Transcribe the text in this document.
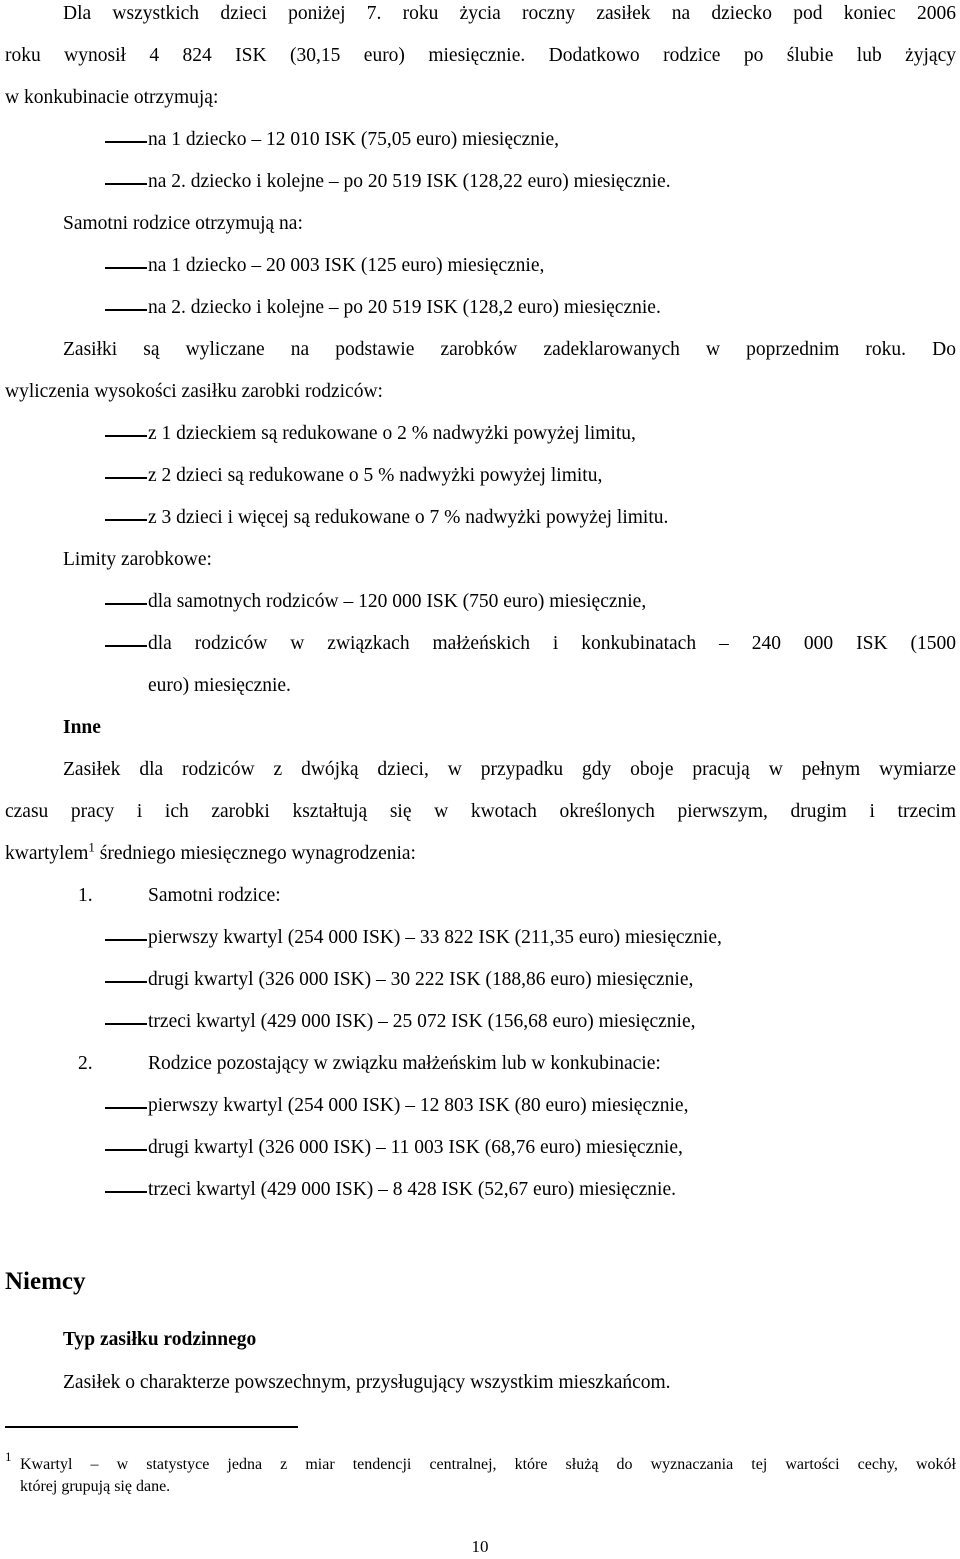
Dla wszystkich dzieci poniżej 7. roku życia roczny zasiłek na dziecko pod koniec 2006
roku wynosił 4 824 ISK (30,15 euro) miesięcznie. Dodatkowo rodzice po ślubie lub żyjący
w konkubinacie otrzymują:
na 1 dziecko – 12 010 ISK (75,05 euro) miesięcznie,
na 2. dziecko i kolejne – po 20 519 ISK (128,22 euro) miesięcznie.
Samotni rodzice otrzymują na:
na 1 dziecko – 20 003 ISK (125 euro) miesięcznie,
na 2. dziecko i kolejne – po 20 519 ISK (128,2 euro) miesięcznie.
Zasiłki są wyliczane na podstawie zarobków zadeklarowanych w poprzednim roku. Do
wyliczenia wysokości zasiłku zarobki rodziców:
z 1 dzieckiem są redukowane o 2 % nadwyżki powyżej limitu,
z 2 dzieci są redukowane o 5 % nadwyżki powyżej limitu,
z 3 dzieci i więcej są redukowane o 7 % nadwyżki powyżej limitu.
Limity zarobkowe:
dla samotnych rodziców – 120 000 ISK (750 euro) miesięcznie,
dla rodziców w związkach małżeńskich i konkubinatach – 240 000 ISK (1500
euro) miesięcznie.
Inne
Zasiłek dla rodziców z dwójką dzieci, w przypadku gdy oboje pracują w pełnym wymiarze
czasu pracy i ich zarobki kształtują się w kwotach określonych pierwszym, drugim i trzecim
kwartylem$^1$ średniego miesięcznego wynagrodzenia:
1.	Samotni rodzice:
pierwszy kwartyl (254 000 ISK) – 33 822 ISK (211,35 euro) miesięcznie,
drugi kwartyl (326 000 ISK) – 30 222 ISK (188,86 euro) miesięcznie,
trzeci kwartyl (429 000 ISK) – 25 072 ISK (156,68 euro) miesięcznie,
2.	Rodzice pozostający w związku małżeńskim lub w konkubinacie:
pierwszy kwartyl (254 000 ISK) – 12 803 ISK (80 euro) miesięcznie,
drugi kwartyl (326 000 ISK) – 11 003 ISK (68,76 euro) miesięcznie,
trzeci kwartyl (429 000 ISK) – 8 428 ISK (52,67 euro) miesięcznie.
Niemcy
Typ zasiłku rodzinnego
Zasiłek o charakterze powszechnym, przysługujący wszystkim mieszkańcom.
1 Kwartyl – w statystyce jedna z miar tendencji centralnej, które służą do wyznaczania tej wartości cechy, wokół
której grupują się dane.
10
